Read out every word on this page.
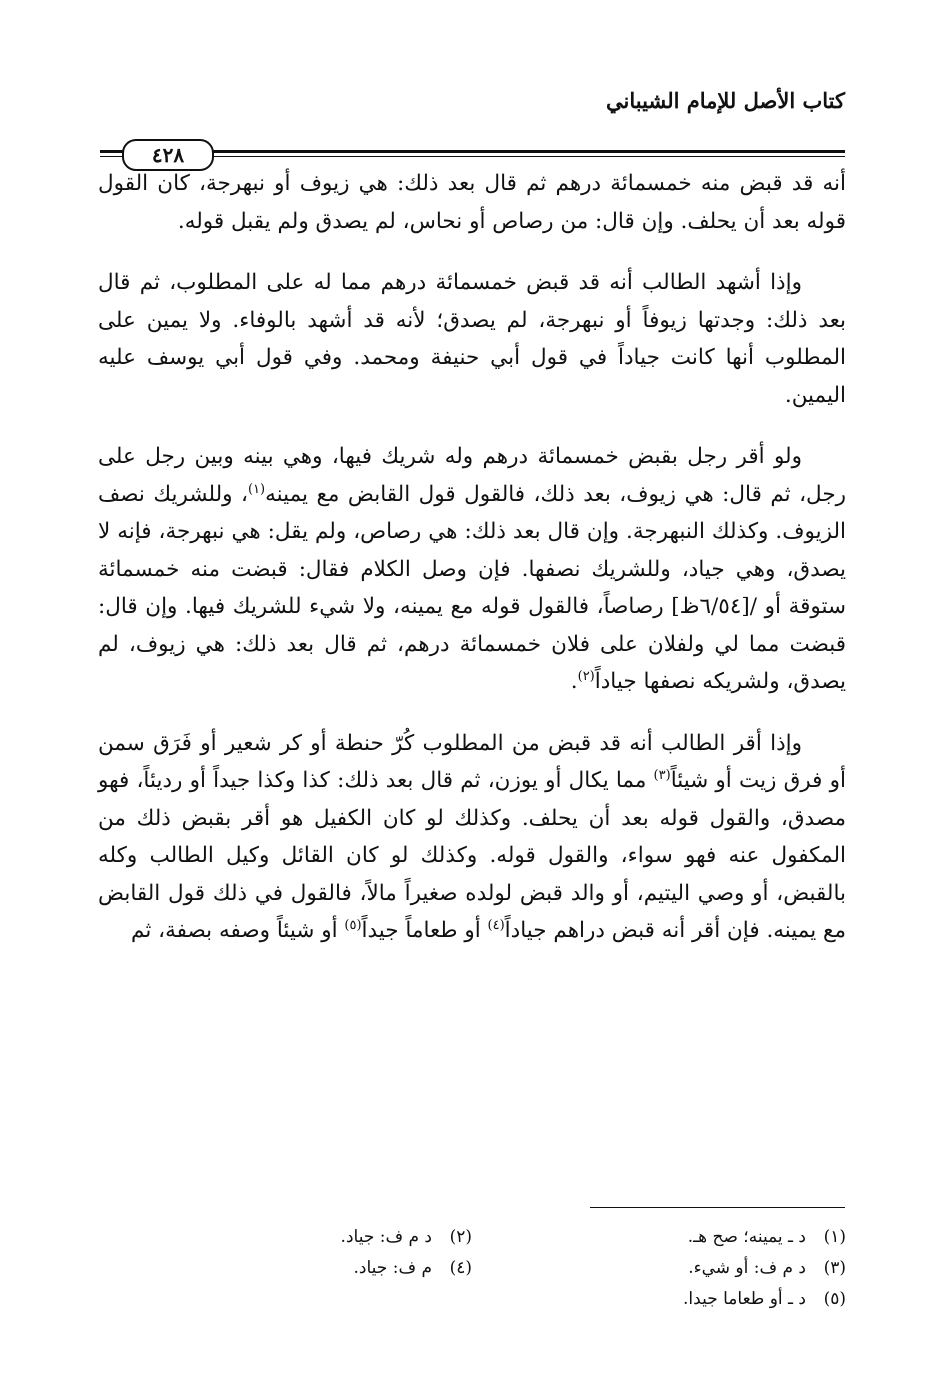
كتاب الأصل للإمام الشيباني
٤٢٨

أنه قد قبض منه خمسمائة درهم ثم قال بعد ذلك: هي زيوف أو نبهرجة، كان القول قوله بعد أن يحلف. وإن قال: من رصاص أو نحاس، لم يصدق ولم يقبل قوله.

وإذا أشهد الطالب أنه قد قبض خمسمائة درهم مما له على المطلوب، ثم قال بعد ذلك: وجدتها زيوفاً أو نبهرجة، لم يصدق؛ لأنه قد أشهد بالوفاء. ولا يمين على المطلوب أنها كانت جياداً في قول أبي حنيفة ومحمد. وفي قول أبي يوسف عليه اليمين.

ولو أقر رجل بقبض خمسمائة درهم وله شريك فيها، وهي بينه وبين رجل على رجل، ثم قال: هي زيوف، بعد ذلك، فالقول قول القابض مع يمينه$^{(١)}$، وللشريك نصف الزيوف. وكذلك النبهرجة. وإن قال بعد ذلك: هي رصاص، ولم يقل: هي نبهرجة، فإنه لا يصدق، وهي جياد، وللشريك نصفها. فإن وصل الكلام فقال: قبضت منه خمسمائة ستوقة أو /[٦/٥٤ظ] رصاصاً، فالقول قوله مع يمينه، ولا شيء للشريك فيها. وإن قال: قبضت مما لي ولفلان على فلان خمسمائة درهم، ثم قال بعد ذلك: هي زيوف، لم يصدق، ولشريكه نصفها جياداً$^{(٢)}$.

وإذا أقر الطالب أنه قد قبض من المطلوب كُرّ حنطة أو كر شعير أو فَرَق سمن أو فرق زيت أو شيئاً$^{(٣)}$ مما يكال أو يوزن، ثم قال بعد ذلك: كذا وكذا جيداً أو رديئاً، فهو مصدق، والقول قوله بعد أن يحلف. وكذلك لو كان الكفيل هو أقر بقبض ذلك من المكفول عنه فهو سواء، والقول قوله. وكذلك لو كان القائل وكيل الطالب وكله بالقبض، أو وصي اليتيم، أو والد قبض لولده صغيراً مالاً، فالقول في ذلك قول القابض مع يمينه. فإن أقر أنه قبض دراهم جياداً$^{(٤)}$ أو طعاماً جيداً$^{(٥)}$ أو شيئاً وصفه بصفة، ثم

(١)د ـ يمينه؛ صح هـ.
(٢)د م ف: جياد.
(٣)د م ف: أو شيء.
(٤)م ف: جياد.
(٥)د ـ أو طعاما جيدا.
